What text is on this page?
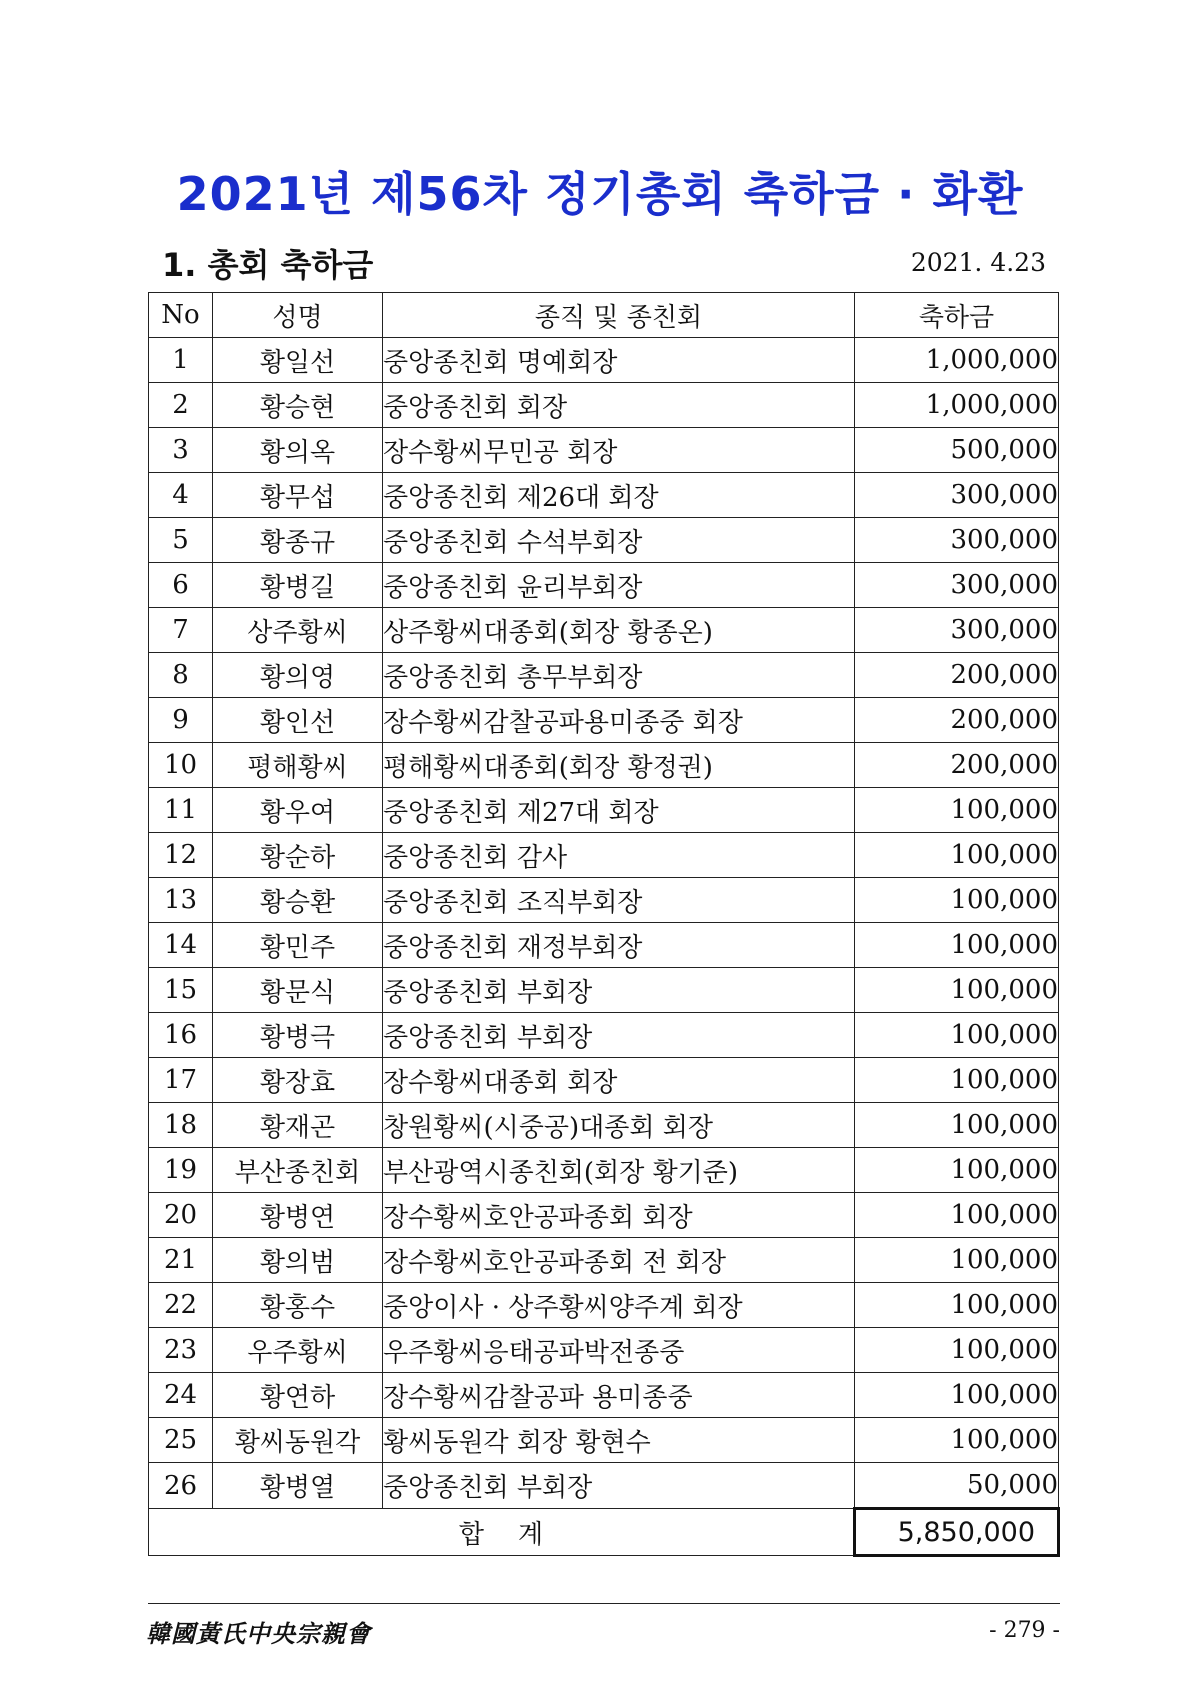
2021년 제56차 정기총회 축하금 · 화환
1. 총회 축하금	2021. 4.23
No	성명	종직 및 종친회	축하금
1	황일선	중앙종친회 명예회장	1,000,000
2	황승현	중앙종친회 회장	1,000,000
3	황의옥	장수황씨무민공 회장	500,000
4	황무섭	중앙종친회 제26대 회장	300,000
5	황종규	중앙종친회 수석부회장	300,000
6	황병길	중앙종친회 윤리부회장	300,000
7	상주황씨	상주황씨대종회(회장 황종온)	300,000
8	황의영	중앙종친회 총무부회장	200,000
9	황인선	장수황씨감찰공파용미종중 회장	200,000
10	평해황씨	평해황씨대종회(회장 황정권)	200,000
11	황우여	중앙종친회 제27대 회장	100,000
12	황순하	중앙종친회 감사	100,000
13	황승환	중앙종친회 조직부회장	100,000
14	황민주	중앙종친회 재정부회장	100,000
15	황문식	중앙종친회 부회장	100,000
16	황병극	중앙종친회 부회장	100,000
17	황장효	장수황씨대종회 회장	100,000
18	황재곤	창원황씨(시중공)대종회 회장	100,000
19	부산종친회	부산광역시종친회(회장 황기준)	100,000
20	황병연	장수황씨호안공파종회 회장	100,000
21	황의범	장수황씨호안공파종회 전 회장	100,000
22	황홍수	중앙이사 · 상주황씨양주계 회장	100,000
23	우주황씨	우주황씨응태공파박전종중	100,000
24	황연하	장수황씨감찰공파 용미종중	100,000
25	황씨동원각	황씨동원각 회장 황현수	100,000
26	황병열	중앙종친회 부회장	50,000
합계			5,850,000
韓國黃氏中央宗親會	- 279 -
